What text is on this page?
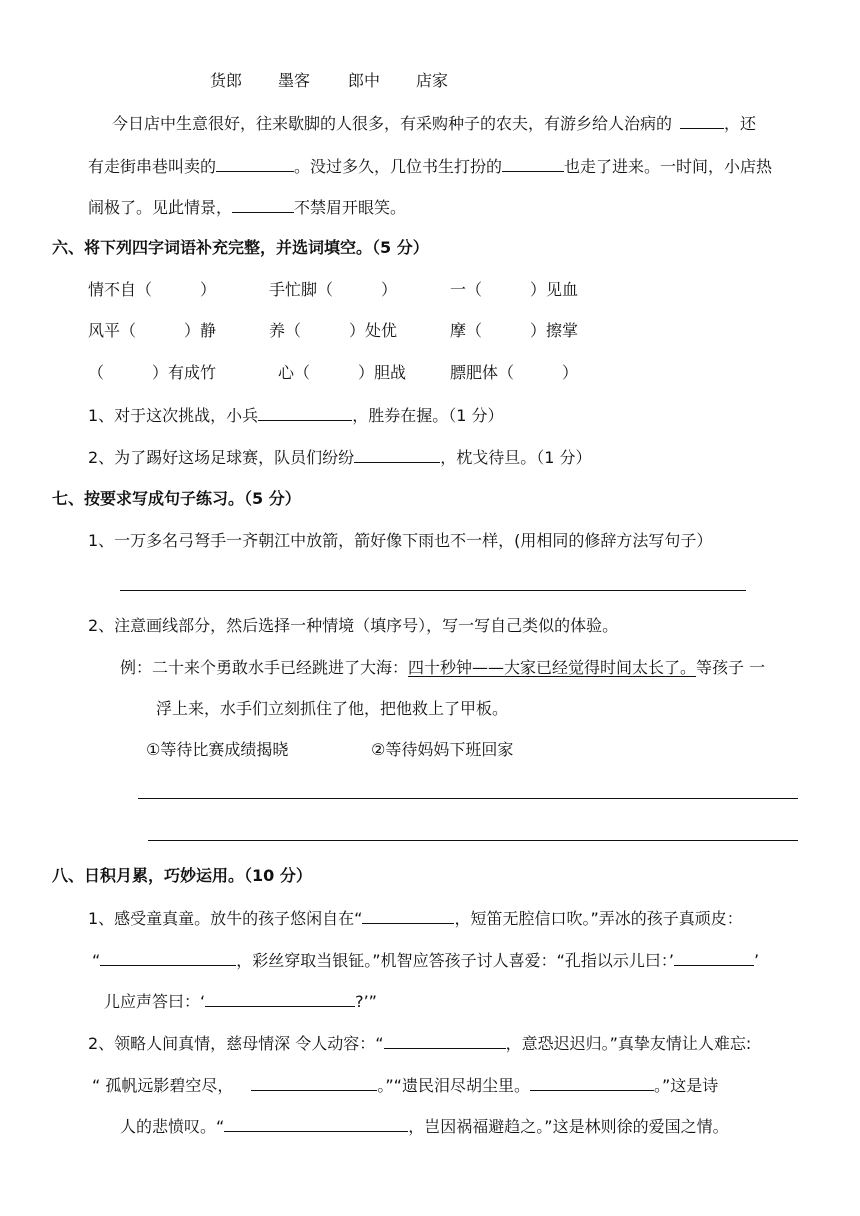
货郎 墨客 郎中 店家
今日店中生意很好，往来歇脚的人很多，有采购种子的农夫，有游乡给人治病的	，还
有走街串巷叫卖的	。没过多久，几位书生打扮的	也走了进来。一时间，小店热
闹极了。见此情景，	不禁眉开眼笑。
六、将下列四字词语补充完整，并选词填空。（5 分）
情不自（　　　）	手忙脚（　　　）	一（　　　）见血
风平（　　　）静	养（　　　）处优	摩（　　　）擦掌
（　　　）有成竹	心（　　　）胆战	膘肥体（　　　）
1、对于这次挑战，小兵	，胜券在握。（1 分）
2、为了踢好这场足球赛，队员们纷纷	，枕戈待旦。（1 分）
七、按要求写成句子练习。（5 分）
1、一万多名弓弩手一齐朝江中放箭，箭好像下雨也不一样，(用相同的修辞方法写句子）
2、注意画线部分，然后选择一种情境（填序号），写一写自己类似的体验。
例：二十来个勇敢水手已经跳进了大海：四十秒钟——大家已经觉得时间太长了。等孩子 一
浮上来，水手们立刻抓住了他，把他救上了甲板。
①等待比赛成绩揭晓	②等待妈妈下班回家
八、日积月累，巧妙运用。（10 分）
1、感受童真童。放牛的孩子悠闲自在“	，短笛无腔信口吹。”弄冰的孩子真顽皮：
“	，彩丝穿取当银钲。”机智应答孩子讨人喜爱：“孔指以示儿曰：’	’
儿应声答曰：‘	?’”
2、领略人间真情，慈母情深 令人动容：“	，意恐迟迟归。”真挚友情让人难忘:
“ 孤帆远影碧空尽，	。”“遗民泪尽胡尘里。	。”这是诗
人的悲愤叹。“	，岂因祸福避趋之。”这是林则徐的爱国之情。
